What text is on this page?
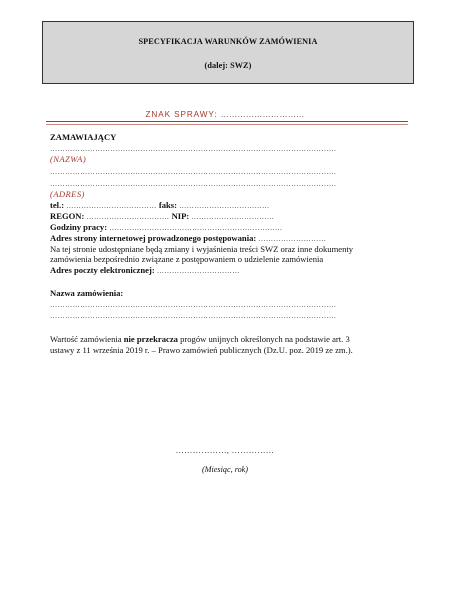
SPECYFIKACJA WARUNKÓW ZAMÓWIENIA
(dalej: SWZ)
ZNAK SPRAWY: …………………………
ZAMAWIAJĄCY
……………………………………………………………………………………………………
(NAZWA)
……………………………………………………………………………………………………
……………………………………………………………………………………………………
(ADRES)
tel.: ……………………………… faks: ………………………………
REGON: …………………………… NIP: ……………………………
Godziny pracy: ……………………………………………………………
Adres strony internetowej prowadzonego postępowania: ………………………
Na tej stronie udostępniane będą zmiany i wyjaśnienia treści SWZ oraz inne dokumenty
zamówienia bezpośrednio związane z postępowaniem o udzielenie zamówienia
Adres poczty elektronicznej: ……………………………
Nazwa zamówienia:
……………………………………………………………………………………………………
……………………………………………………………………………………………………
Wartość zamówienia nie przekracza progów unijnych określonych na podstawie art. 3
ustawy z 11 września 2019 r. – Prawo zamówień publicznych (Dz.U. poz. 2019 ze zm.).
………………, ……………
(Miesiąc, rok)
